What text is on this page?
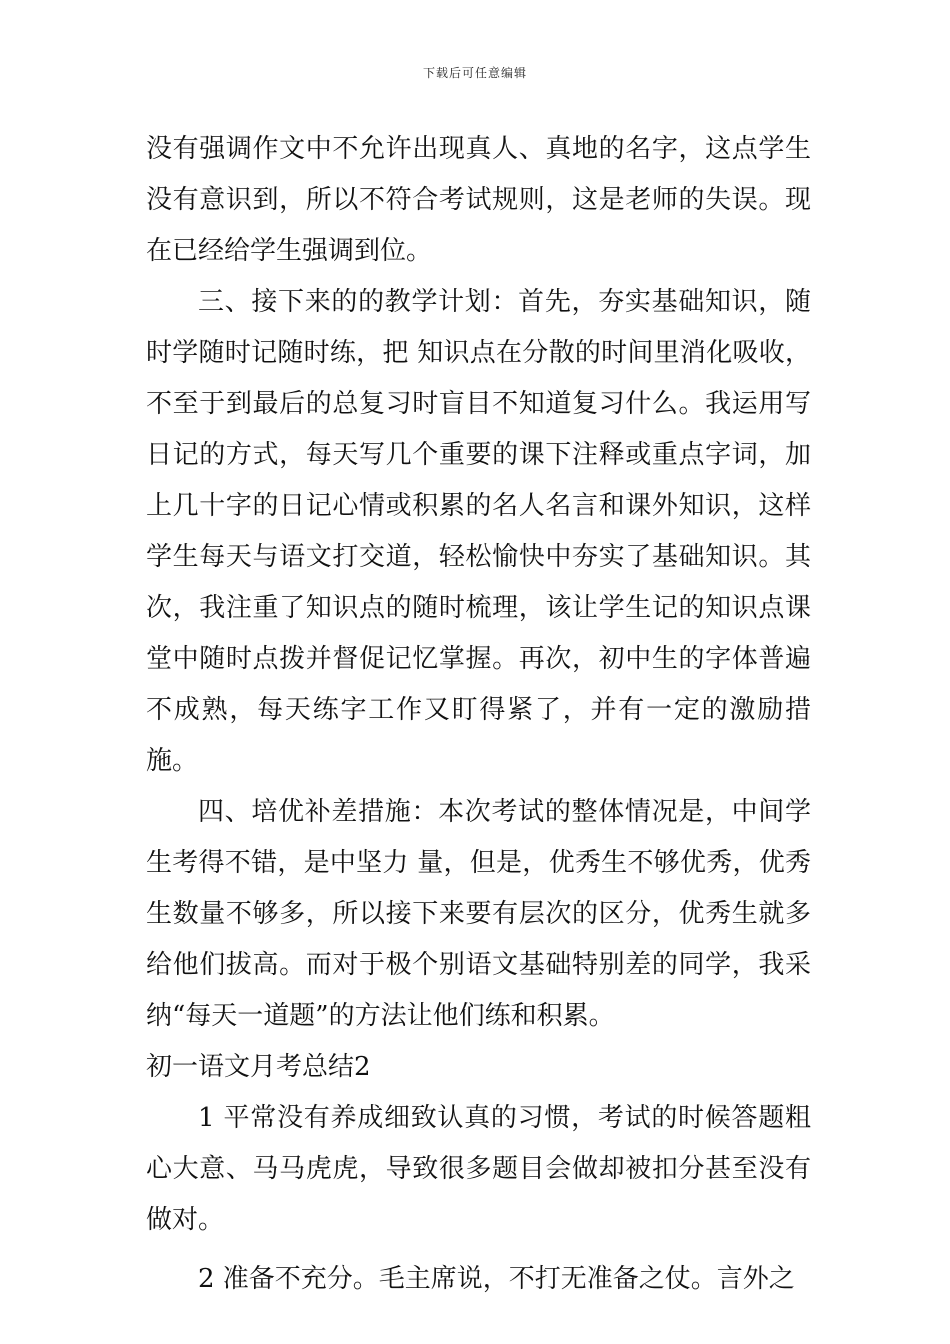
下载后可任意编辑

没有强调作文中不允许出现真人、真地的名字，这点学生没有意识到，所以不符合考试规则，这是老师的失误。现在已经给学生强调到位。

三、接下来的的教学计划：首先，夯实基础知识，随时学随时记随时练，把 知识点在分散的时间里消化吸收，不至于到最后的总复习时盲目不知道复习什么。我运用写日记的方式，每天写几个重要的课下注释或重点字词，加上几十字的日记心情或积累的名人名言和课外知识，这样学生每天与语文打交道，轻松愉快中夯实了基础知识。其次，我注重了知识点的随时梳理，该让学生记的知识点课堂中随时点拨并督促记忆掌握。再次，初中生的字体普遍不成熟，每天练字工作又盯得紧了，并有一定的激励措施。

四、培优补差措施：本次考试的整体情况是，中间学生考得不错，是中坚力 量，但是，优秀生不够优秀，优秀生数量不够多，所以接下来要有层次的区分，优秀生就多给他们拔高。而对于极个别语文基础特别差的同学，我采纳“每天一道题”的方法让他们练和积累。

初一语文月考总结2

1 平常没有养成细致认真的习惯，考试的时候答题粗心大意、马马虎虎，导致很多题目会做却被扣分甚至没有做对。

2 准备不充分。毛主席说，不打无准备之仗。言外之
